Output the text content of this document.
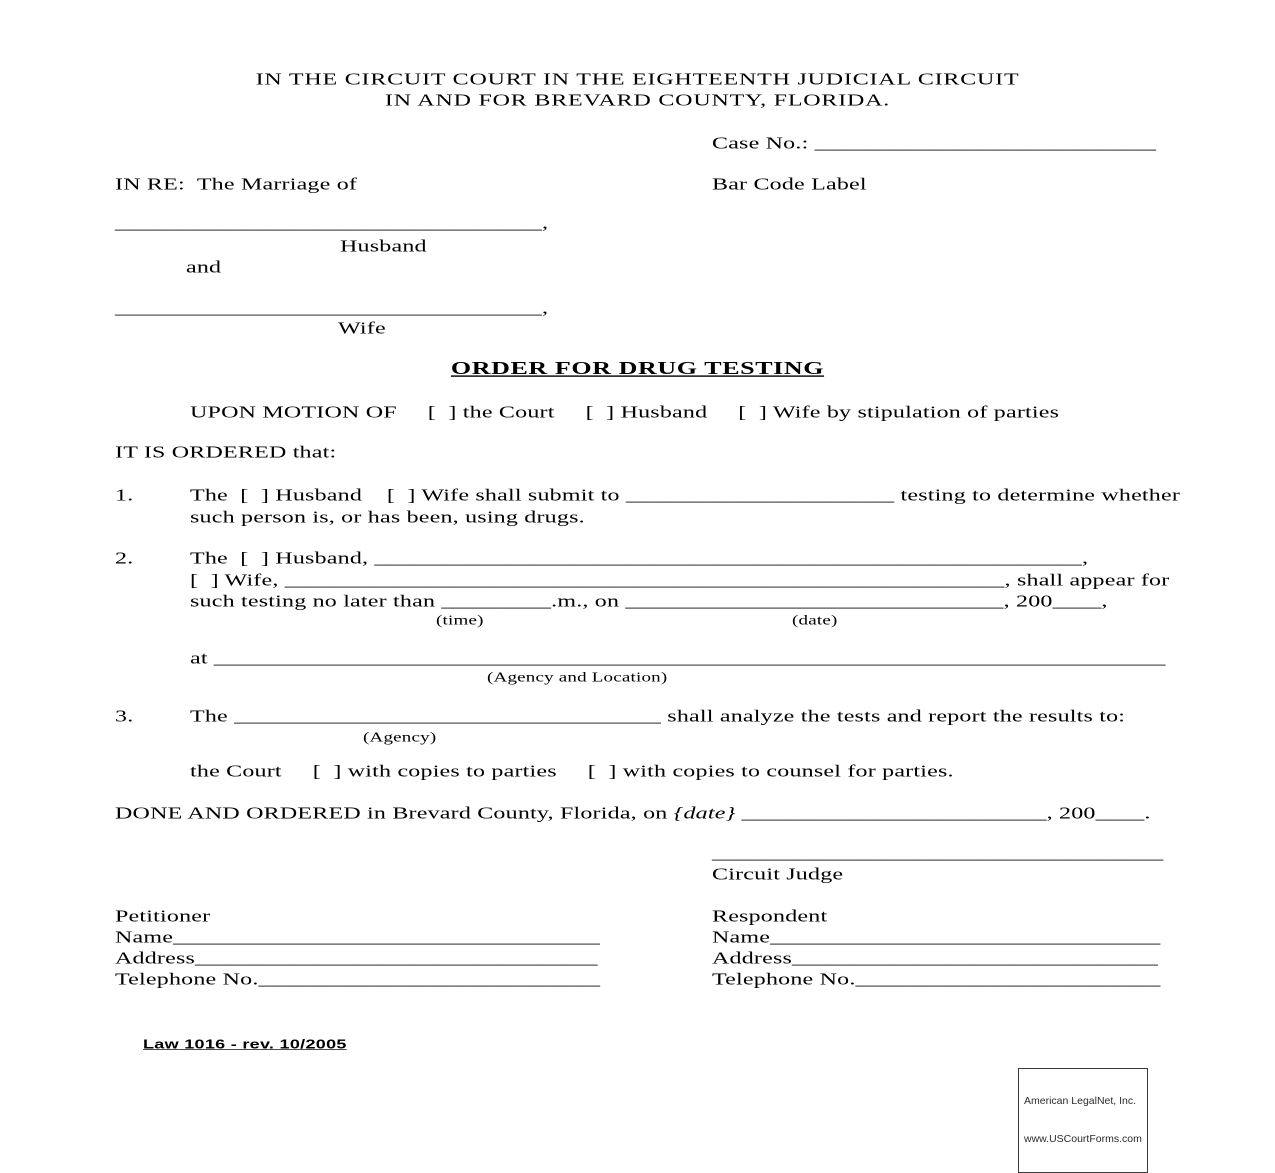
IN THE CIRCUIT COURT IN THE EIGHTEENTH JUDICIAL CIRCUIT
IN AND FOR BREVARD COUNTY, FLORIDA.
Case No.: ____________________________
IN RE:  The Marriage of	Bar Code Label
___________________________________,
Husband
and
___________________________________,
Wife
ORDER FOR DRUG TESTING
UPON MOTION OF     [  ] the Court     [  ] Husband     [  ] Wife by stipulation of parties
IT IS ORDERED that:
1. The  [  ] Husband    [  ] Wife shall submit to ______________________ testing to determine whether
such person is, or has been, using drugs.
2. The  [  ] Husband, __________________________________________________________,
[  ] Wife, ___________________________________________________________, shall appear for
such testing no later than _________.m., on _______________________________, 200____,
(time)	(date)
at ______________________________________________________________________________
(Agency and Location)
3. The ___________________________________ shall analyze the tests and report the results to:
(Agency)
the Court     [  ] with copies to parties     [  ] with copies to counsel for parties.
DONE AND ORDERED in Brevard County, Florida, on {date} _________________________, 200____.
_____________________________________
Circuit Judge
Petitioner
Name___________________________________
Address_________________________________
Telephone No.____________________________
Respondent
Name________________________________
Address______________________________
Telephone No._________________________
Law 1016 - rev. 10/2005

American LegalNet, Inc.

www.USCourtForms.com
